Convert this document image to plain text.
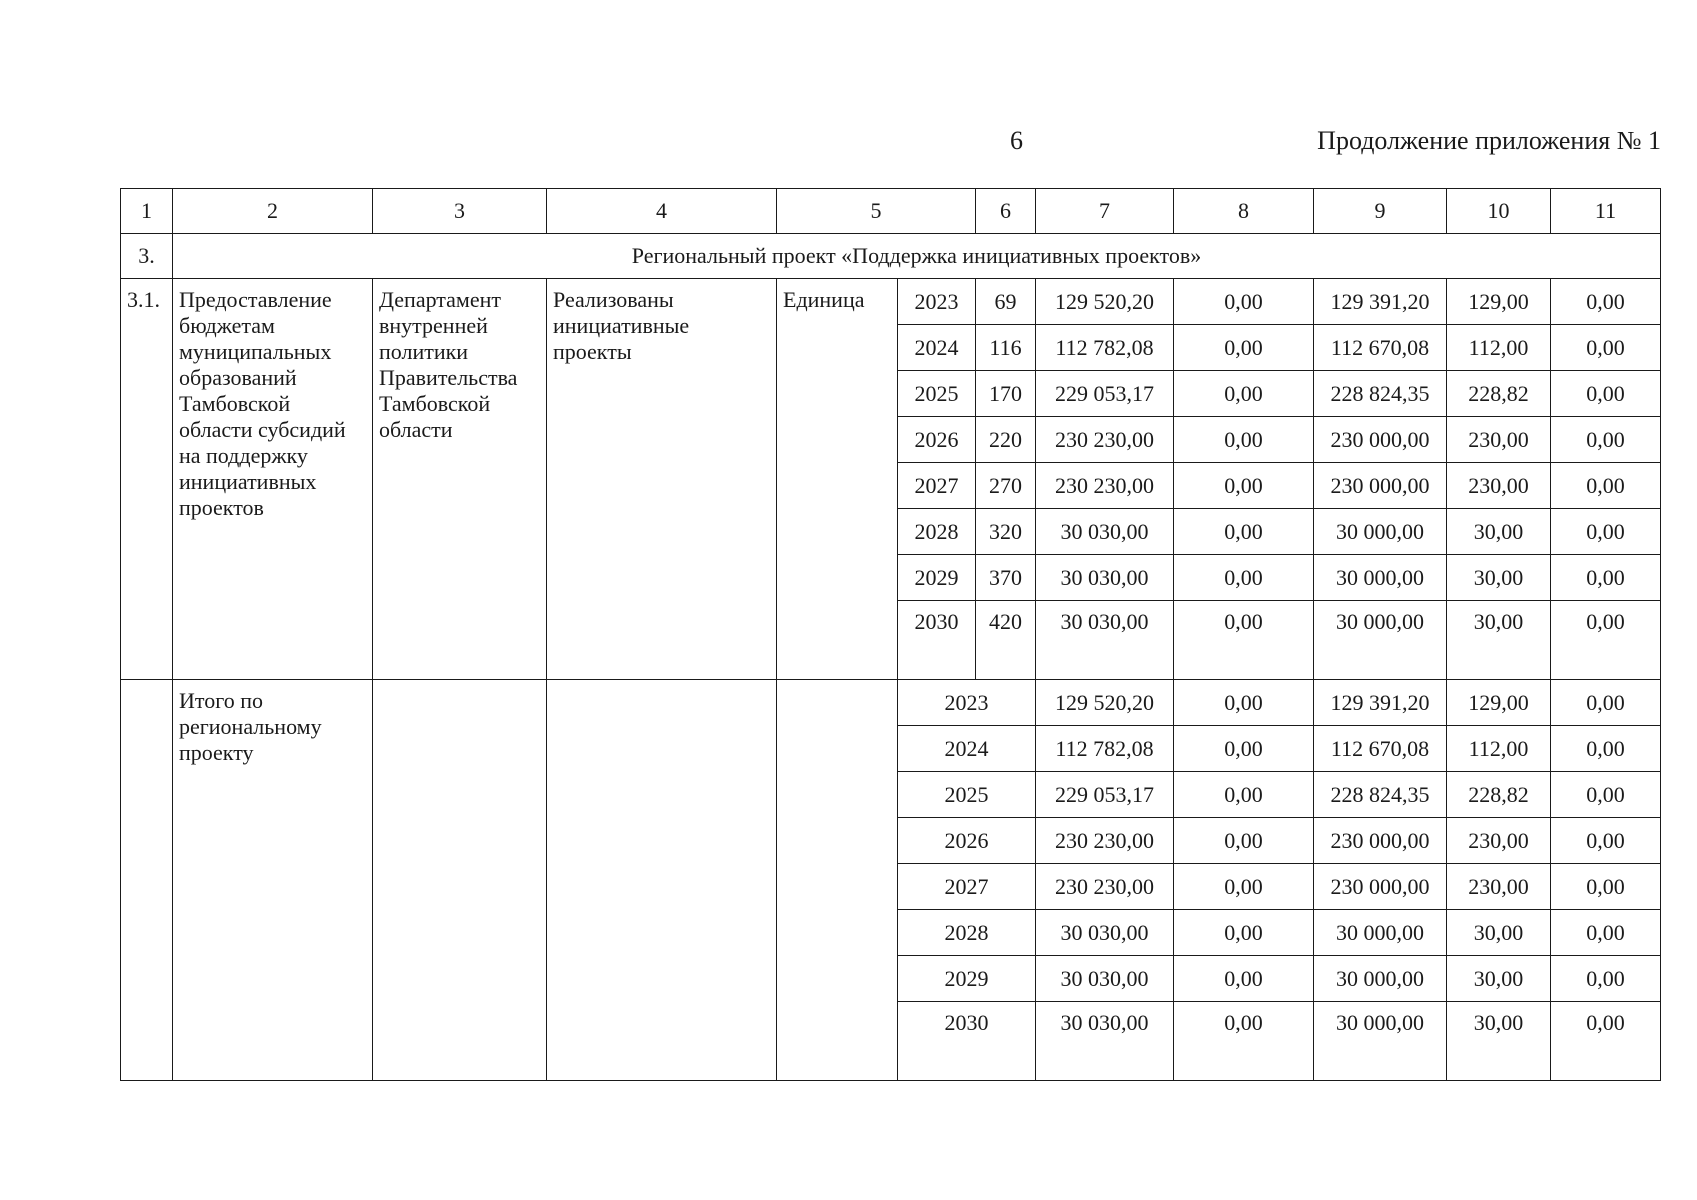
6	Продолжение приложения № 1
1	2	3	4	5		6	7	8	9	10	11
3.	Региональный проект «Поддержка инициативных проектов»										
3.1.	Предоставление бюджетам муниципальных образований Тамбовской области субсидий на поддержку инициативных проектов	Департамент внутренней политики Правительства Тамбовской области	Реализованы инициативные проекты	Единица	2023	69	129 520,20	0,00	129 391,20	129,00	0,00
					2024	116	112 782,08	0,00	112 670,08	112,00	0,00
					2025	170	229 053,17	0,00	228 824,35	228,82	0,00
					2026	220	230 230,00	0,00	230 000,00	230,00	0,00
					2027	270	230 230,00	0,00	230 000,00	230,00	0,00
					2028	320	30 030,00	0,00	30 000,00	30,00	0,00
					2029	370	30 030,00	0,00	30 000,00	30,00	0,00
					2030	420	30 030,00	0,00	30 000,00	30,00	0,00
	Итого по региональному проекту				2023		129 520,20	0,00	129 391,20	129,00	0,00
					2024		112 782,08	0,00	112 670,08	112,00	0,00
					2025		229 053,17	0,00	228 824,35	228,82	0,00
					2026		230 230,00	0,00	230 000,00	230,00	0,00
					2027		230 230,00	0,00	230 000,00	230,00	0,00
					2028		30 030,00	0,00	30 000,00	30,00	0,00
					2029		30 030,00	0,00	30 000,00	30,00	0,00
					2030		30 030,00	0,00	30 000,00	30,00	0,00
